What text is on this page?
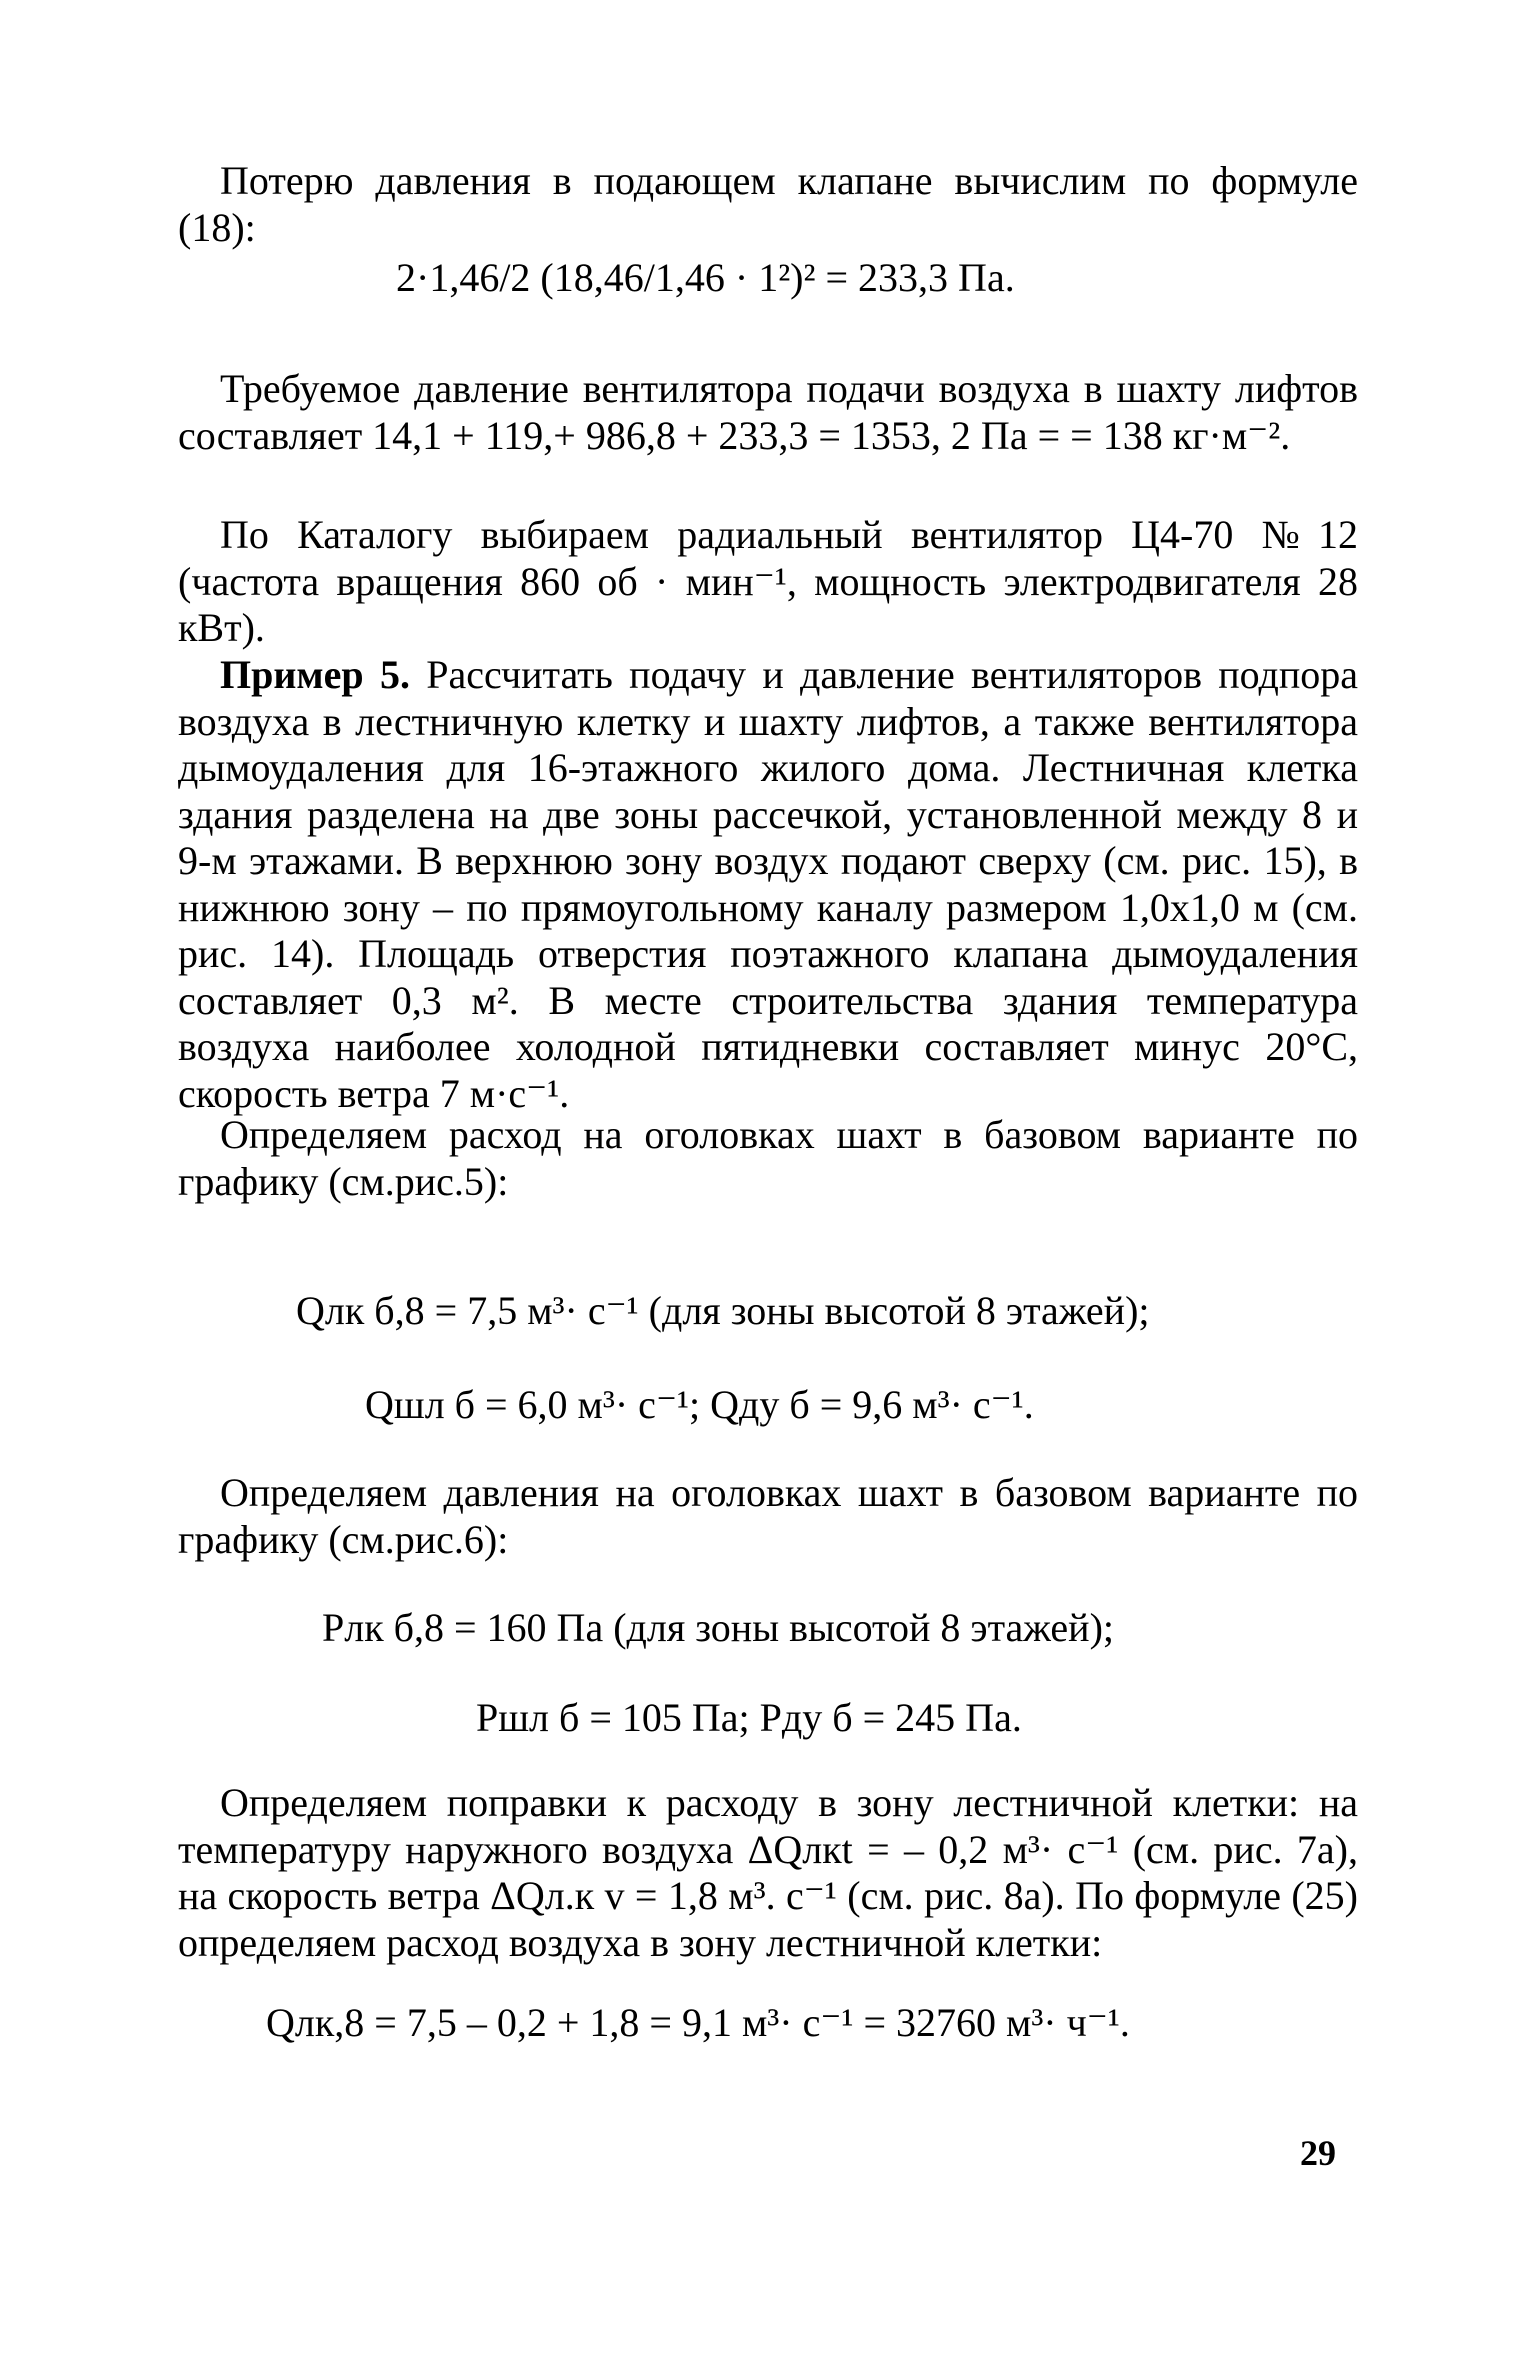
Потерю давления в подающем клапане вычислим по формуле (18):

2·1,46/2 (18,46/1,46 · 1²)² = 233,3 Па.

Требуемое давление вентилятора подачи воздуха в шахту лифтов составляет 14,1 + 119,+ 986,8 + 233,3 = 1353, 2 Па = = 138 кг·м⁻².

По Каталогу выбираем радиальный вентилятор Ц4-70 №12 (частота вращения 860 об · мин⁻¹, мощность электродвигателя 28 кВт).

Пример 5. Рассчитать подачу и давление вентиляторов подпора воздуха в лестничную клетку и шахту лифтов, а также вентилятора дымоудаления для 16-этажного жилого дома. Лестничная клетка здания разделена на две зоны рассечкой, установленной между 8 и 9-м этажами. В верхнюю зону воздух подают сверху (см. рис. 15), в нижнюю зону – по прямоугольному каналу размером 1,0х1,0 м (см. рис. 14). Площадь отверстия поэтажного клапана дымоудаления составляет 0,3 м². В месте строительства здания температура воздуха наиболее холодной пятидневки составляет минус 20°С, скорость ветра 7 м·с⁻¹.

Определяем расход на оголовках шахт в базовом варианте по графику (см.рис.5):

Qлк б,8 = 7,5 м³· с⁻¹ (для зоны высотой 8 этажей);

Qшл б = 6,0 м³· с⁻¹; Qду б = 9,6 м³· с⁻¹.

Определяем давления на оголовках шахт в базовом варианте по графику (см.рис.6):

Pлк б,8 = 160 Па (для зоны высотой 8 этажей);

Pшл б = 105 Па; Pду б = 245 Па.

Определяем поправки к расходу в зону лестничной клетки: на температуру наружного воздуха ΔQлкt = – 0,2 м³· с⁻¹ (см. рис. 7а), на скорость ветра ΔQл.к v = 1,8 м³. с⁻¹ (см. рис. 8а). По формуле (25) определяем расход воздуха в зону лестничной клетки:

Qлк,8 = 7,5 – 0,2 + 1,8 = 9,1 м³· с⁻¹ = 32760 м³· ч⁻¹.

29
